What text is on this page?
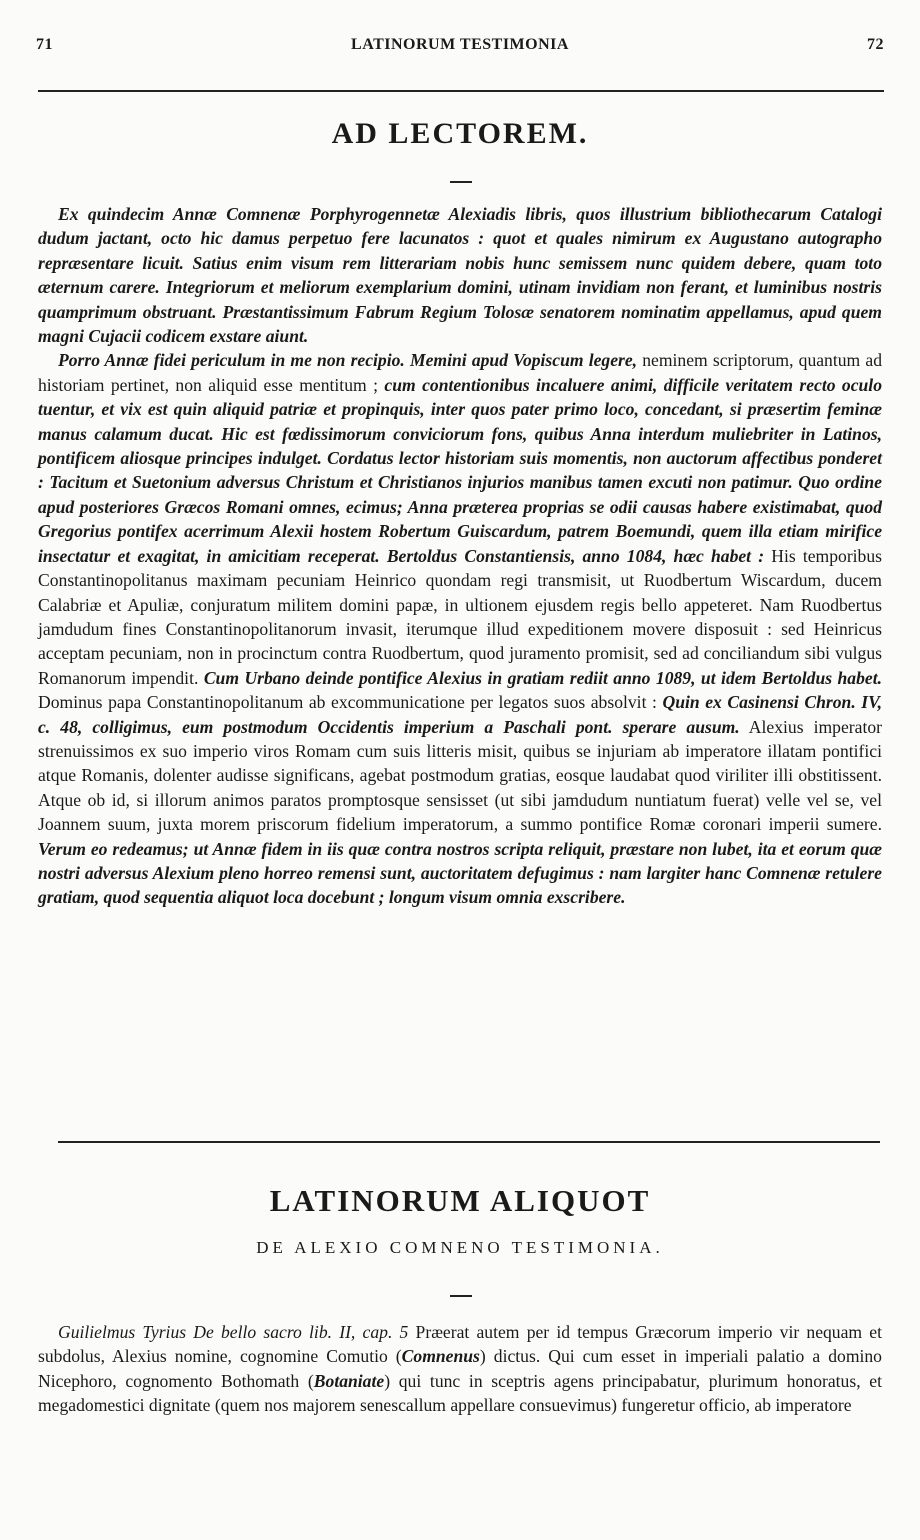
71	LATINORUM TESTIMONIA	72
AD LECTOREM.

Ex quindecim Annæ Comnenæ Porphyrogennetæ Alexiadis libris, quos illustrium bibliothecarum Catalogi dudum jactant, octo hic damus perpetuo fere lacunatos : quot et quales nimirum ex Augustano autographo repræsentare licuit. Satius enim visum rem litterariam nobis hunc semissem nunc quidem debere, quam toto æternum carere. Integriorum et meliorum exemplarium domini, utinam invidiam non ferant, et luminibus nostris quamprimum obstruant. Præstantissimum Fabrum Regium Tolosæ senatorem nominatim appellamus, apud quem magni Cujacii codicem exstare aiunt.

Porro Annæ fidei periculum in me non recipio. Memini apud Vopiscum legere, neminem scriptorum, quantum ad historiam pertinet, non aliquid esse mentitum ; cum contentionibus incaluere animi, difficile veritatem recto oculo tuentur, et vix est quin aliquid patriæ et propinquis, inter quos pater primo loco, concedant, si præsertim feminæ manus calamum ducat. Hic est fœdissimorum conviciorum fons, quibus Anna interdum muliebriter in Latinos, pontificem aliosque principes indulget. Cordatus lector historiam suis momentis, non auctorum affectibus ponderet : Tacitum et Suetonium adversus Christum et Christianos injurios manibus tamen excuti non patimur. Quo ordine apud posteriores Græcos Romani omnes, ecimus; Anna præterea proprias se odii causas habere existimabat, quod Gregorius pontifex acerrimum Alexii hostem Robertum Guiscardum, patrem Boemundi, quem illa etiam mirifice insectatur et exagitat, in amicitiam receperat. Bertoldus Constantiensis, anno 1084, hæc habet : His temporibus Constantinopolitanus maximam pecuniam Heinrico quondam regi transmisit, ut Ruodbertum Wiscardum, ducem Calabriæ et Apuliæ, conjuratum militem domini papæ, in ultionem ejusdem regis bello appeteret. Nam Ruodbertus jamdudum fines Constantinopolitanorum invasit, iterumque illud expeditionem movere disposuit : sed Heinricus acceptam pecuniam, non in procinctum contra Ruodbertum, quod juramento promisit, sed ad conciliandum sibi vulgus Romanorum impendit. Cum Urbano deinde pontifice Alexius in gratiam rediit anno 1089, ut idem Bertoldus habet. Dominus papa Constantinopolitanum ab excommunicatione per legatos suos absolvit : Quin ex Casinensi Chron. IV, c. 48, colligimus, eum postmodum Occidentis imperium a Paschali pont. sperare ausum. Alexius imperator strenuissimos ex suo imperio viros Romam cum suis litteris misit, quibus se injuriam ab imperatore illatam pontifici atque Romanis, dolenter audisse significans, agebat postmodum gratias, eosque laudabat quod viriliter illi obstitissent. Atque ob id, si illorum animos paratos promptosque sensisset (ut sibi jamdudum nuntiatum fuerat) velle vel se, vel Joannem suum, juxta morem priscorum fidelium imperatorum, a summo pontifice Romæ coronari imperii sumere. Verum eo redeamus; ut Annæ fidem in iis quæ contra nostros scripta reliquit, præstare non lubet, ita et eorum quæ nostri adversus Alexium pleno horreo remensi sunt, auctoritatem defugimus : nam largiter hanc Comnenæ retulere gratiam, quod sequentia aliquot loca docebunt ; longum visum omnia exscribere.

LATINORUM ALIQUOT
DE ALEXIO COMNENO TESTIMONIA.

Guilielmus Tyrius De bello sacro lib. II, cap. 5 Præerat autem per id tempus Græcorum imperio vir nequam et subdolus, Alexius nomine, cognomine Comutio (Comnenus) dictus. Qui cum esset in imperiali palatio a domino Nicephoro, cognomento Bothomath (Botaniate) qui tunc in sceptris agens principabatur, plurimum honoratus, et megadomestici dignitate (quem nos majorem senescallum appellare consuevimus) fungeretur officio, ab imperatore
